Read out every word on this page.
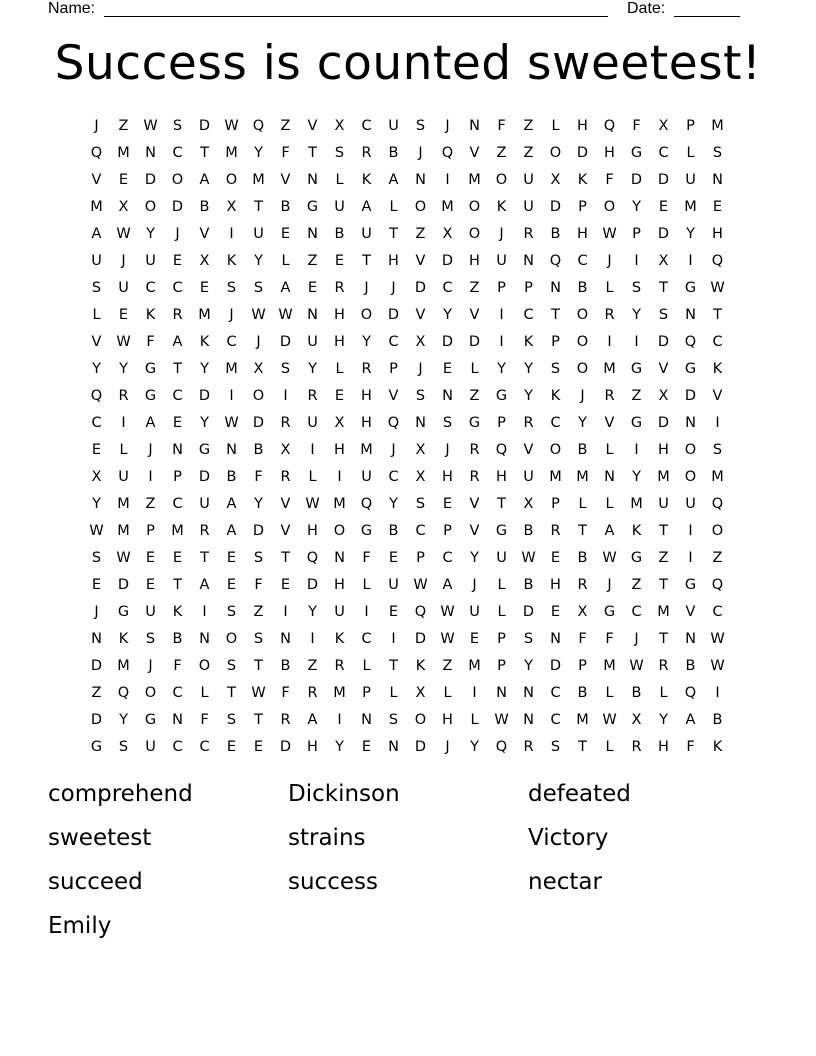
Name:	Date:
Success is counted sweetest!
J	Z	W	S	D W Q	Z	V	X	C	U	S	J	N	F	Z	L	H	Q	F	X	P	M
Q	M	N	C	T	M	Y	F	T	S	R	B	J	Q	V	Z	Z	O	D	H	G	C	L	S
V	E	D	O	A	O	M	V	N	L	K	A	N	I	M	O	U	X	K	F	D	D	U	N
M	X	O	D	B	X	T	B	G	U	A	L	O	M	O	K	U	D	P	O	Y	E	M	E
A	W	Y	J	V	I	U	E	N	B	U	T	Z	X	O	J	R	B	H W	P	D	Y	H
U	J	U	E	X	K	Y	L	Z	E	T	H	V	D	H	U	N	Q	C	J	I	X	I	Q
S	U	C	C	E	S	S	A	E	R	J	J	D	C	Z	P	P	N	B	L	S	T	G W
L	E	K	R	M	J	W W N	H	O	D	V	Y	V	I	C	T	O	R	Y	S	N	T
V	W	F	A	K	C	J	D	U	H	Y	C	X	D	D	I	K	P	O	I	I	D	Q	C
Y	Y	G	T	Y	M	X	S	Y	L	R	P	J	E	L	Y	Y	S	O	M	G	V	G	K
Q	R	G	C	D	I	O	I	R	E	H	V	S	N	Z	G	Y	K	J	R	Z	X	D	V
C	I	A	E	Y	W D	R	U	X	H	Q	N	S	G	P	R	C	Y	V	G	D	N	I
E	L	J	N	G	N	B	X	I	H	M	J	X	J	R	Q	V	O	B	L	I	H	O	S
X	U	I	P	D	B	F	R	L	I	U	C	X	H	R	H	U	M M	N	Y	M	O	M
Y	M	Z	C	U	A	Y	V	W M	Q	Y	S	E	V	T	X	P	L	L	M	U	U	Q
W M	P	M	R	A	D	V	H	O	G	B	C	P	V	G	B	R	T	A	K	T	I	O
S	W	E	E	T	E	S	T	Q	N	F	E	P	C	Y	U	W	E	B	W G	Z	I	Z
E	D	E	T	A	E	F	E	D	H	L	U	W	A	J	L	B	H	R	J	Z	T	G	Q
J	G	U	K	I	S	Z	I	Y	U	I	E	Q W	U	L	D	E	X	G	C	M	V	C
N	K	S	B	N	O	S	N	I	K	C	I	D W	E	P	S	N	F	F	J	T	N W
D	M	J	F	O	S	T	B	Z	R	L	T	K	Z	M	P	Y	D	P	M W	R	B	W
Z	Q	O	C	L	T	W	F	R	M	P	L	X	L	I	N	N	C	B	L	B	L	Q	I
D	Y	G	N	F	S	T	R	A	I	N	S	O	H	L	W N	C	M W	X	Y	A	B
G	S	U	C	C	E	E	D	H	Y	E	N	D	J	Y	Q	R	S	T	L	R	H	F	K
comprehend	Dickinson	defeated
sweetest	strains	Victory
succeed	success	nectar
Emily
